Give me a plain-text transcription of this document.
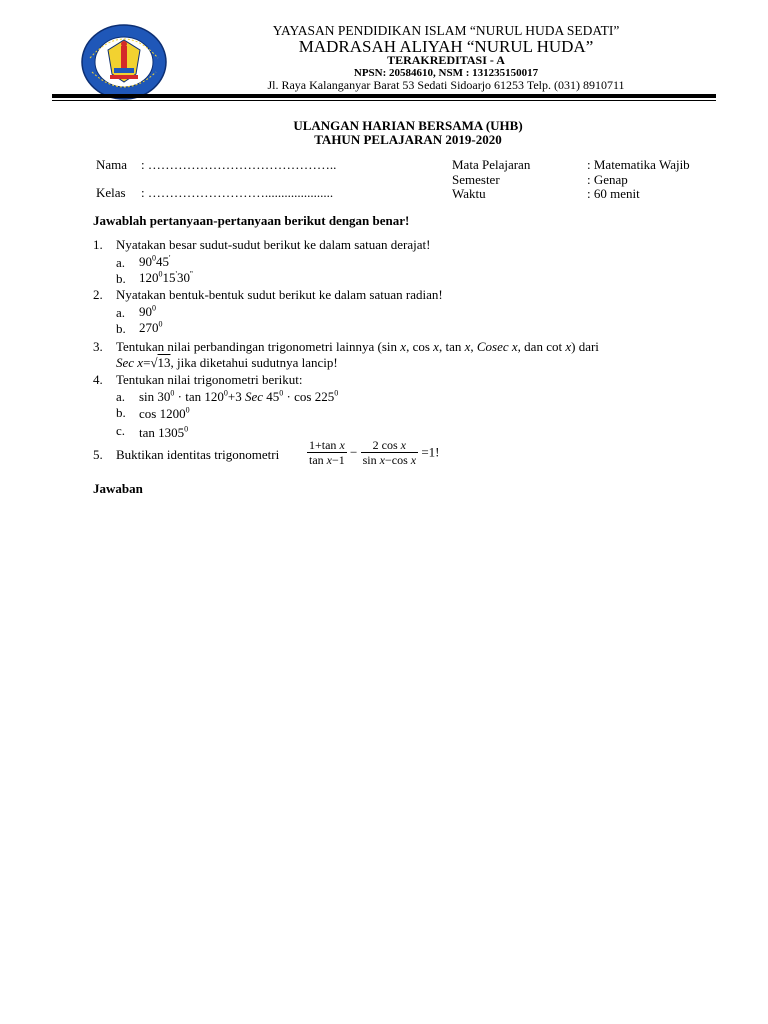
YAYASAN PENDIDIKAN ISLAM “NURUL HUDA SEDATI”
MADRASAH ALIYAH “NURUL HUDA”
TERAKREDITASI - A
NPSN: 20584610, NSM : 131235150017
Jl. Raya Kalanganyar Barat 53 Sedati Sidoarjo 61253 Telp. (031) 8910711
ULANGAN HARIAN BERSAMA (UHB)
TAHUN PELAJARAN 2019-2020
Nama : ……………………………………..
Kelas : ……………………….....................
Mata Pelajaran	: Matematika Wajib
Semester	: Genap
Waktu	: 60 menit
Jawablah pertanyaan-pertanyaan berikut dengan benar!
1. Nyatakan besar sudut-sudut berikut ke dalam satuan derajat!
a. $90^045'$
b. $120^015'30''$
2. Nyatakan bentuk-bentuk sudut berikut ke dalam satuan radian!
a. $90^0$
b. $270^0$
3. Tentukan nilai perbandingan trigonometri lainnya (sin x, cos x, tan x, Cosec x, dan cot x) dari
Sec x=√13, jika diketahui sudutnya lancip!
4. Tentukan nilai trigonometri berikut:
a. $\sin 30^0 \cdot \tan 120^0+3$ Sec $45^0 \cdot \cos 225^0$
b. cos 1200$^0$
c. tan 1305$^0$
5. Buktikan identitas trigonometri $\frac{\text{1+tan x}}{\text{tan x−1}} - \frac{\text{2 cos x}}{\text{sin x−cos x}} =1$!
Jawaban
